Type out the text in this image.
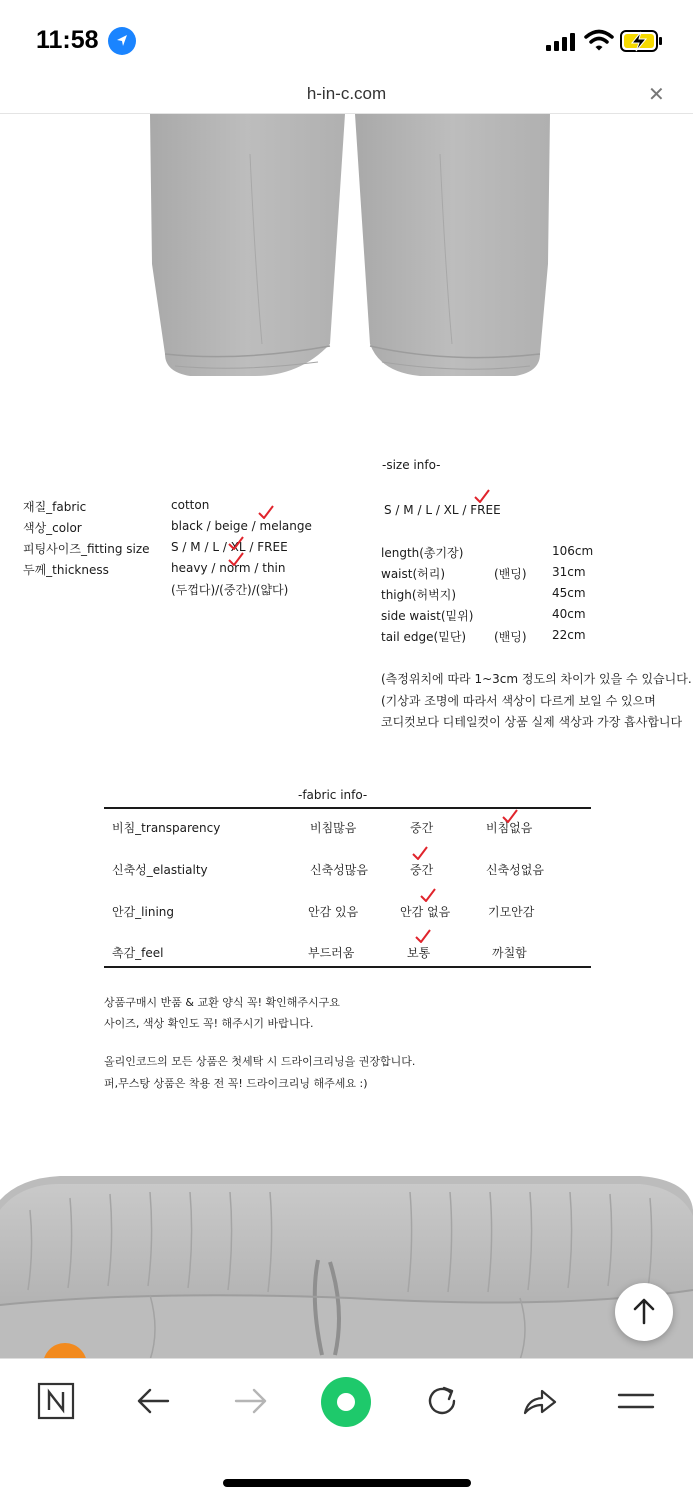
11:58
h-in-c.com	✕
-size info-
S / M / L / XL / FREE
length(총기장)	106cm
waist(허리)	(밴딩) 31cm
thigh(허벅지)	45cm
side waist(밑위)	40cm
tail edge(밑단) (밴딩) 22cm
(측정위치에 따라 1~3cm 정도의 차이가 있을 수 있습니다.
(기상과 조명에 따라서 색상이 다르게 보일 수 있으며
코디컷보다 디테일컷이 상품 실제 색상과 가장 흡사합니다
재질_fabric	cotton
색상_color	black / beige / melange
피팅사이즈_fitting size S / M / L / XL / FREE
두께_thickness	heavy / norm / thin
(두껍다)/(중간)/(얇다)
-fabric info-
비침_transparency	비침많음	중간	비침없음
신축성_elastialty	신축성많음	중간	신축성없음
안감_lining	안감 있음	안감 없음	기모안감
촉감_feel	부드러움	보통	까칠함
상품구매시 반품 & 교환 양식 꼭! 확인해주시구요
사이즈, 색상 확인도 꼭! 해주시기 바랍니다.
올리인코드의 모든 상품은 첫세탁 시 드라이크리닝을 권장합니다.
퍼,무스탕 상품은 착용 전 꼭! 드라이크리닝 해주세요 :)
